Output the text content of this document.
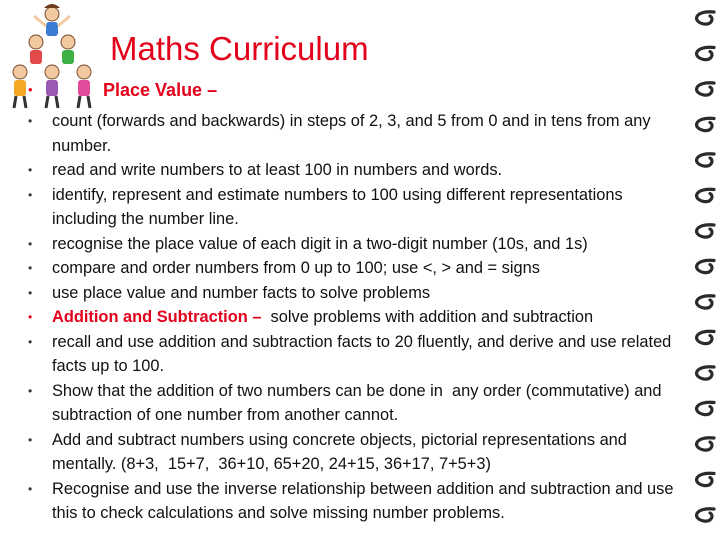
Maths Curriculum
•	Place Value –
• count (forwards and backwards) in steps of 2, 3, and 5 from 0 and in tens from any number.
• read and write numbers to at least 100 in numbers and words.
• identify, represent and estimate numbers to 100 using different representations including the number line.
• recognise the place value of each digit in a two-digit number (10s, and 1s)
• compare and order numbers from 0 up to 100; use <, > and = signs
• use place value and number facts to solve problems
• Addition and Subtraction –  solve problems with addition and subtraction
• recall and use addition and subtraction facts to 20 fluently, and derive and use related facts up to 100.
• Show that the addition of two numbers can be done in  any order (commutative) and subtraction of one number from another cannot.
• Add and subtract numbers using concrete objects, pictorial representations and mentally. (8+3,  15+7,  36+10, 65+20, 24+15, 36+17, 7+5+3)
• Recognise and use the inverse relationship between addition and subtraction and use this to check calculations and solve missing number problems.
